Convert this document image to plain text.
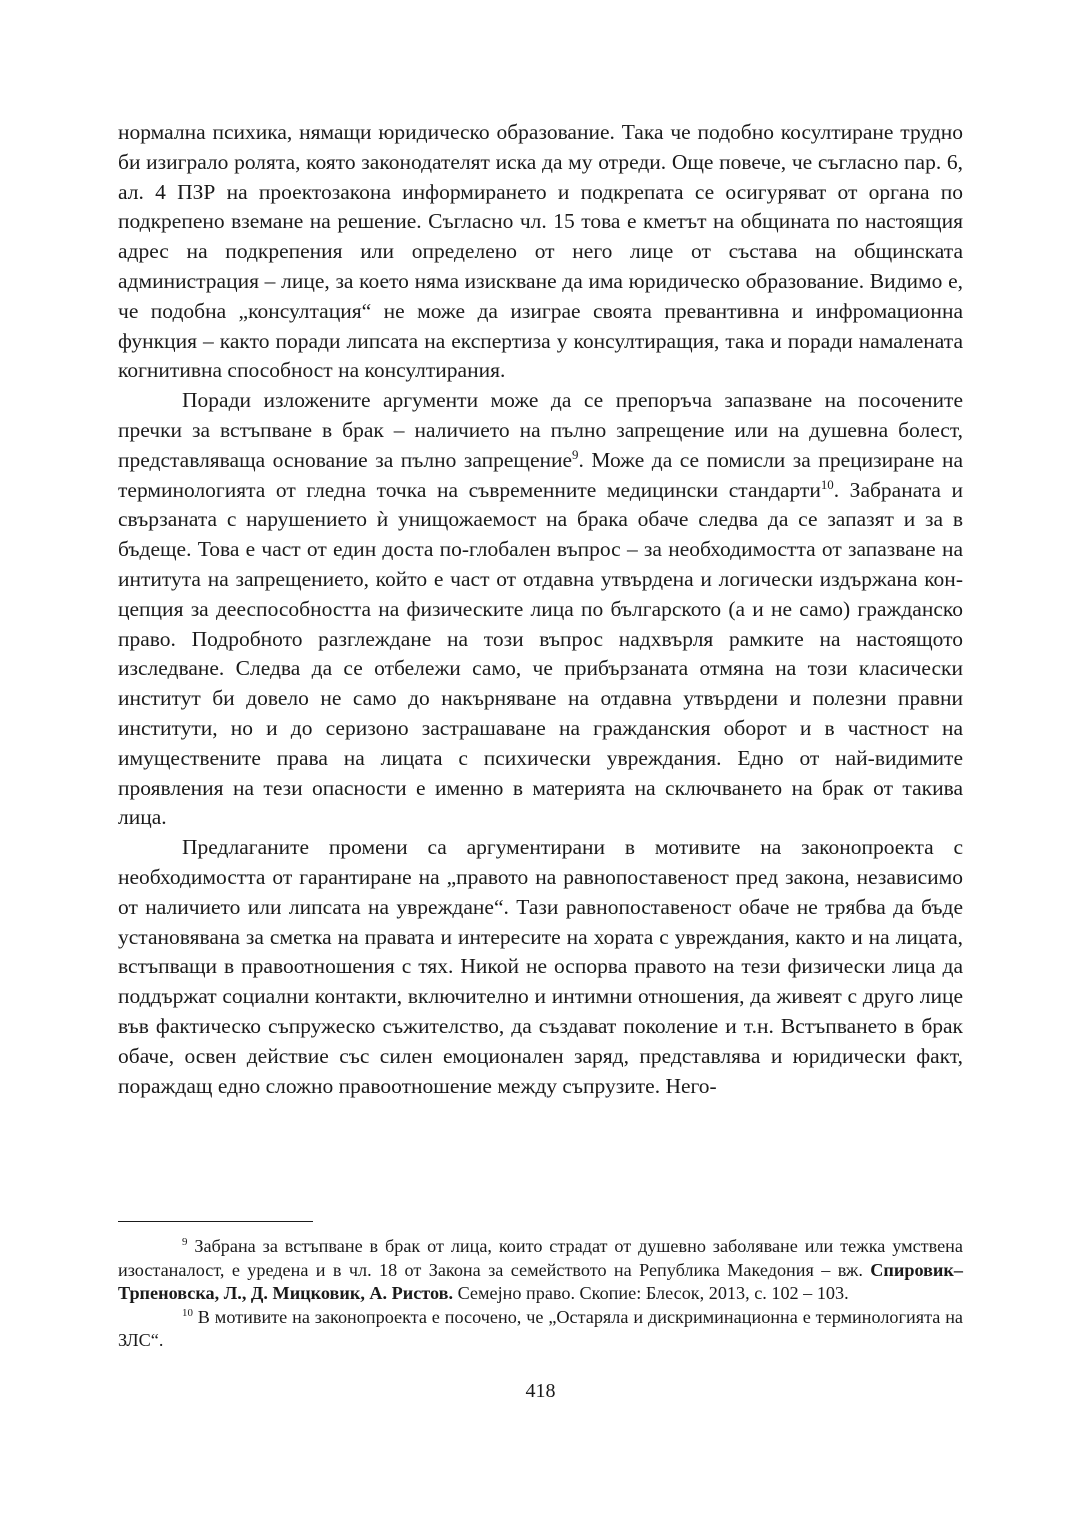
нормална психика, нямащи юридическо образование. Така че подобно косултиране трудно би изиграло ролята, която законодателят иска да му отреди. Още повече, че съгласно пар. 6, ал. 4 ПЗР на проектозакона информирането и подкрепата се осигуряват от органа по подкрепено вземане на решение. Съгласно чл. 15 това е кметът на общината по настоящия адрес на подкрепения или определено от него лице от състава на общинската администрация – лице, за което няма изискване да има юридическо образование. Видимо е, че подобна „консултация“ не може да изиграе своята превантивна и инфромационна функция – както поради липсата на експертиза у консултиращия, така и поради намалената когнитивна способност на консултирания.

Поради изложените аргументи може да се препоръча запазване на посочените пречки за встъпване в брак – наличието на пълно запрещение или на душевна болест, представляваща основание за пълно запрещение$^9$. Може да се помисли за прецизиране на терминологията от гледна точка на съвременните медицински стандарти$^{10}$. Забраната и свързаната с нарушението ѝ унищожаемост на брака обаче следва да се запазят и за в бъдеще. Това е част от един доста по-глобален въпрос – за необходимостта от запазване на интитута на запрещението, който е част от отдавна утвърдена и логически издържана концепция за дееспособността на физическите лица по българското (а и не само) гражданско право. Подробното разглеждане на този въпрос надхвърля рамките на настоящото изследване. Следва да се отбележи само, че прибързаната отмяна на този класически институт би довело не само до накърняване на отдавна утвърдени и полезни правни институти, но и до серизоно застрашаване на гражданския оборот и в частност на имуществените права на лицата с психически увреждания. Едно от най-видимите проявления на тези опасности е именно в материята на сключването на брак от такива лица.

Предлаганите промени са аргументирани в мотивите на законопроекта с необходимостта от гарантиране на „правото на равнопоставеност пред закона, независимо от наличието или липсата на увреждане“. Тази равнопоставеност обаче не трябва да бъде установявана за сметка на правата и интересите на хората с увреждания, както и на лицата, встъпващи в правоотношения с тях. Никой не оспорва правото на тези физически лица да поддържат социални контакти, включително и интимни отношения, да живеят с друго лице във фактическо съпружеско съжителство, да създават поколение и т.н. Встъпването в брак обаче, освен действие със силен емоционален заряд, представлява и юридически факт, пораждащ едно сложно правоотношение между съпрузите. Него-

$^9$ Забрана за встъпване в брак от лица, които страдат от душевно заболяване или тежка умствена изостаналост, е уредена и в чл. 18 от Закона за семейството на Република Македония – вж. Спировик–Трпеновска, Л., Д. Мицковик, А. Ристов. Семејно право. Скопие: Блесок, 2013, с. 102 – 103.

$^{10}$ В мотивите на законопроекта е посочено, че „Остаряла и дискриминационна е терминологията на ЗЛС“.

418
